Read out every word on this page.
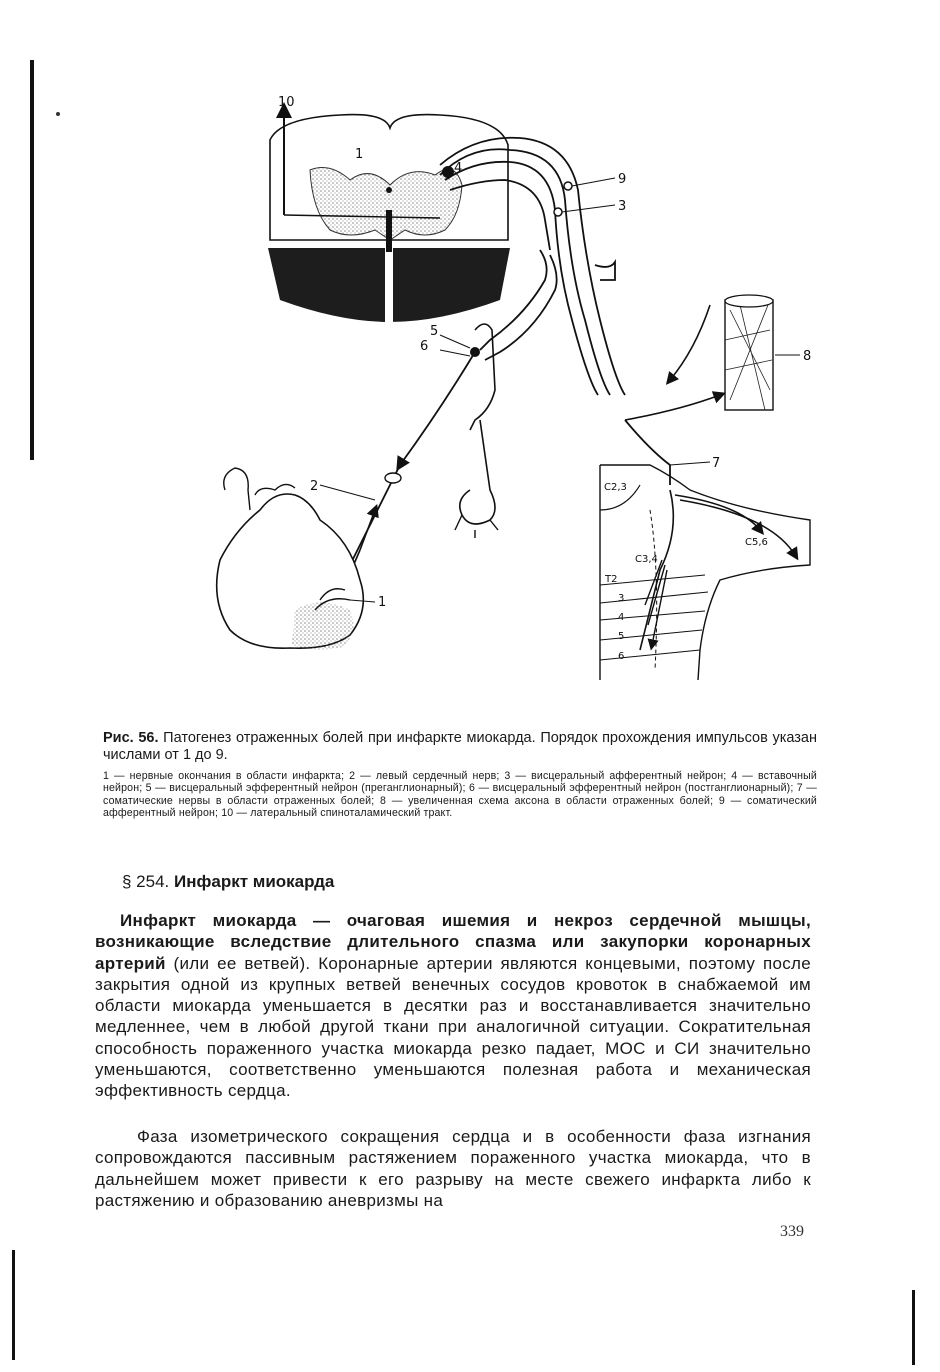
10
1
4
9
3
5
6
2
1
8
7
С2,3
С3,4
С5,6
Т2
3
4
5
6
Рис. 56. Патогенез отраженных болей при инфаркте миокарда. Порядок прохождения импульсов указан числами от 1 до 9.
1 — нервные окончания в области инфаркта; 2 — левый сердечный нерв; 3 — висцеральный афферентный нейрон; 4 — вставочный нейрон; 5 — висцеральный эфферентный нейрон (преганглионарный); 6 — висцеральный эфферентный нейрон (постганглионарный); 7 — соматические нервы в области отраженных болей; 8 — увеличенная схема аксона в области отраженных болей; 9 — соматический афферентный нейрон; 10 — латеральный спиноталамический тракт.
§ 254. Инфаркт миокарда
Инфаркт миокарда — очаговая ишемия и некроз сердечной мышцы, возникающие вследствие длительного спазма или закупорки коронарных артерий (или ее ветвей). Коронарные артерии являются концевыми, поэтому после закрытия одной из крупных ветвей венечных сосудов кровоток в снабжаемой им области миокарда уменьшается в десятки раз и восстанавливается значительно медленнее, чем в любой другой ткани при аналогичной ситуации. Сократительная способность пораженного участка миокарда резко падает, МОС и СИ значительно уменьшаются, соответственно уменьшаются полезная работа и механическая эффективность сердца.
Фаза изометрического сокращения сердца и в особенности фаза изгнания сопровождаются пассивным растяжением пораженного участка миокарда, что в дальнейшем может привести к его разрыву на месте свежего инфаркта либо к растяжению и образованию аневризмы на
339
